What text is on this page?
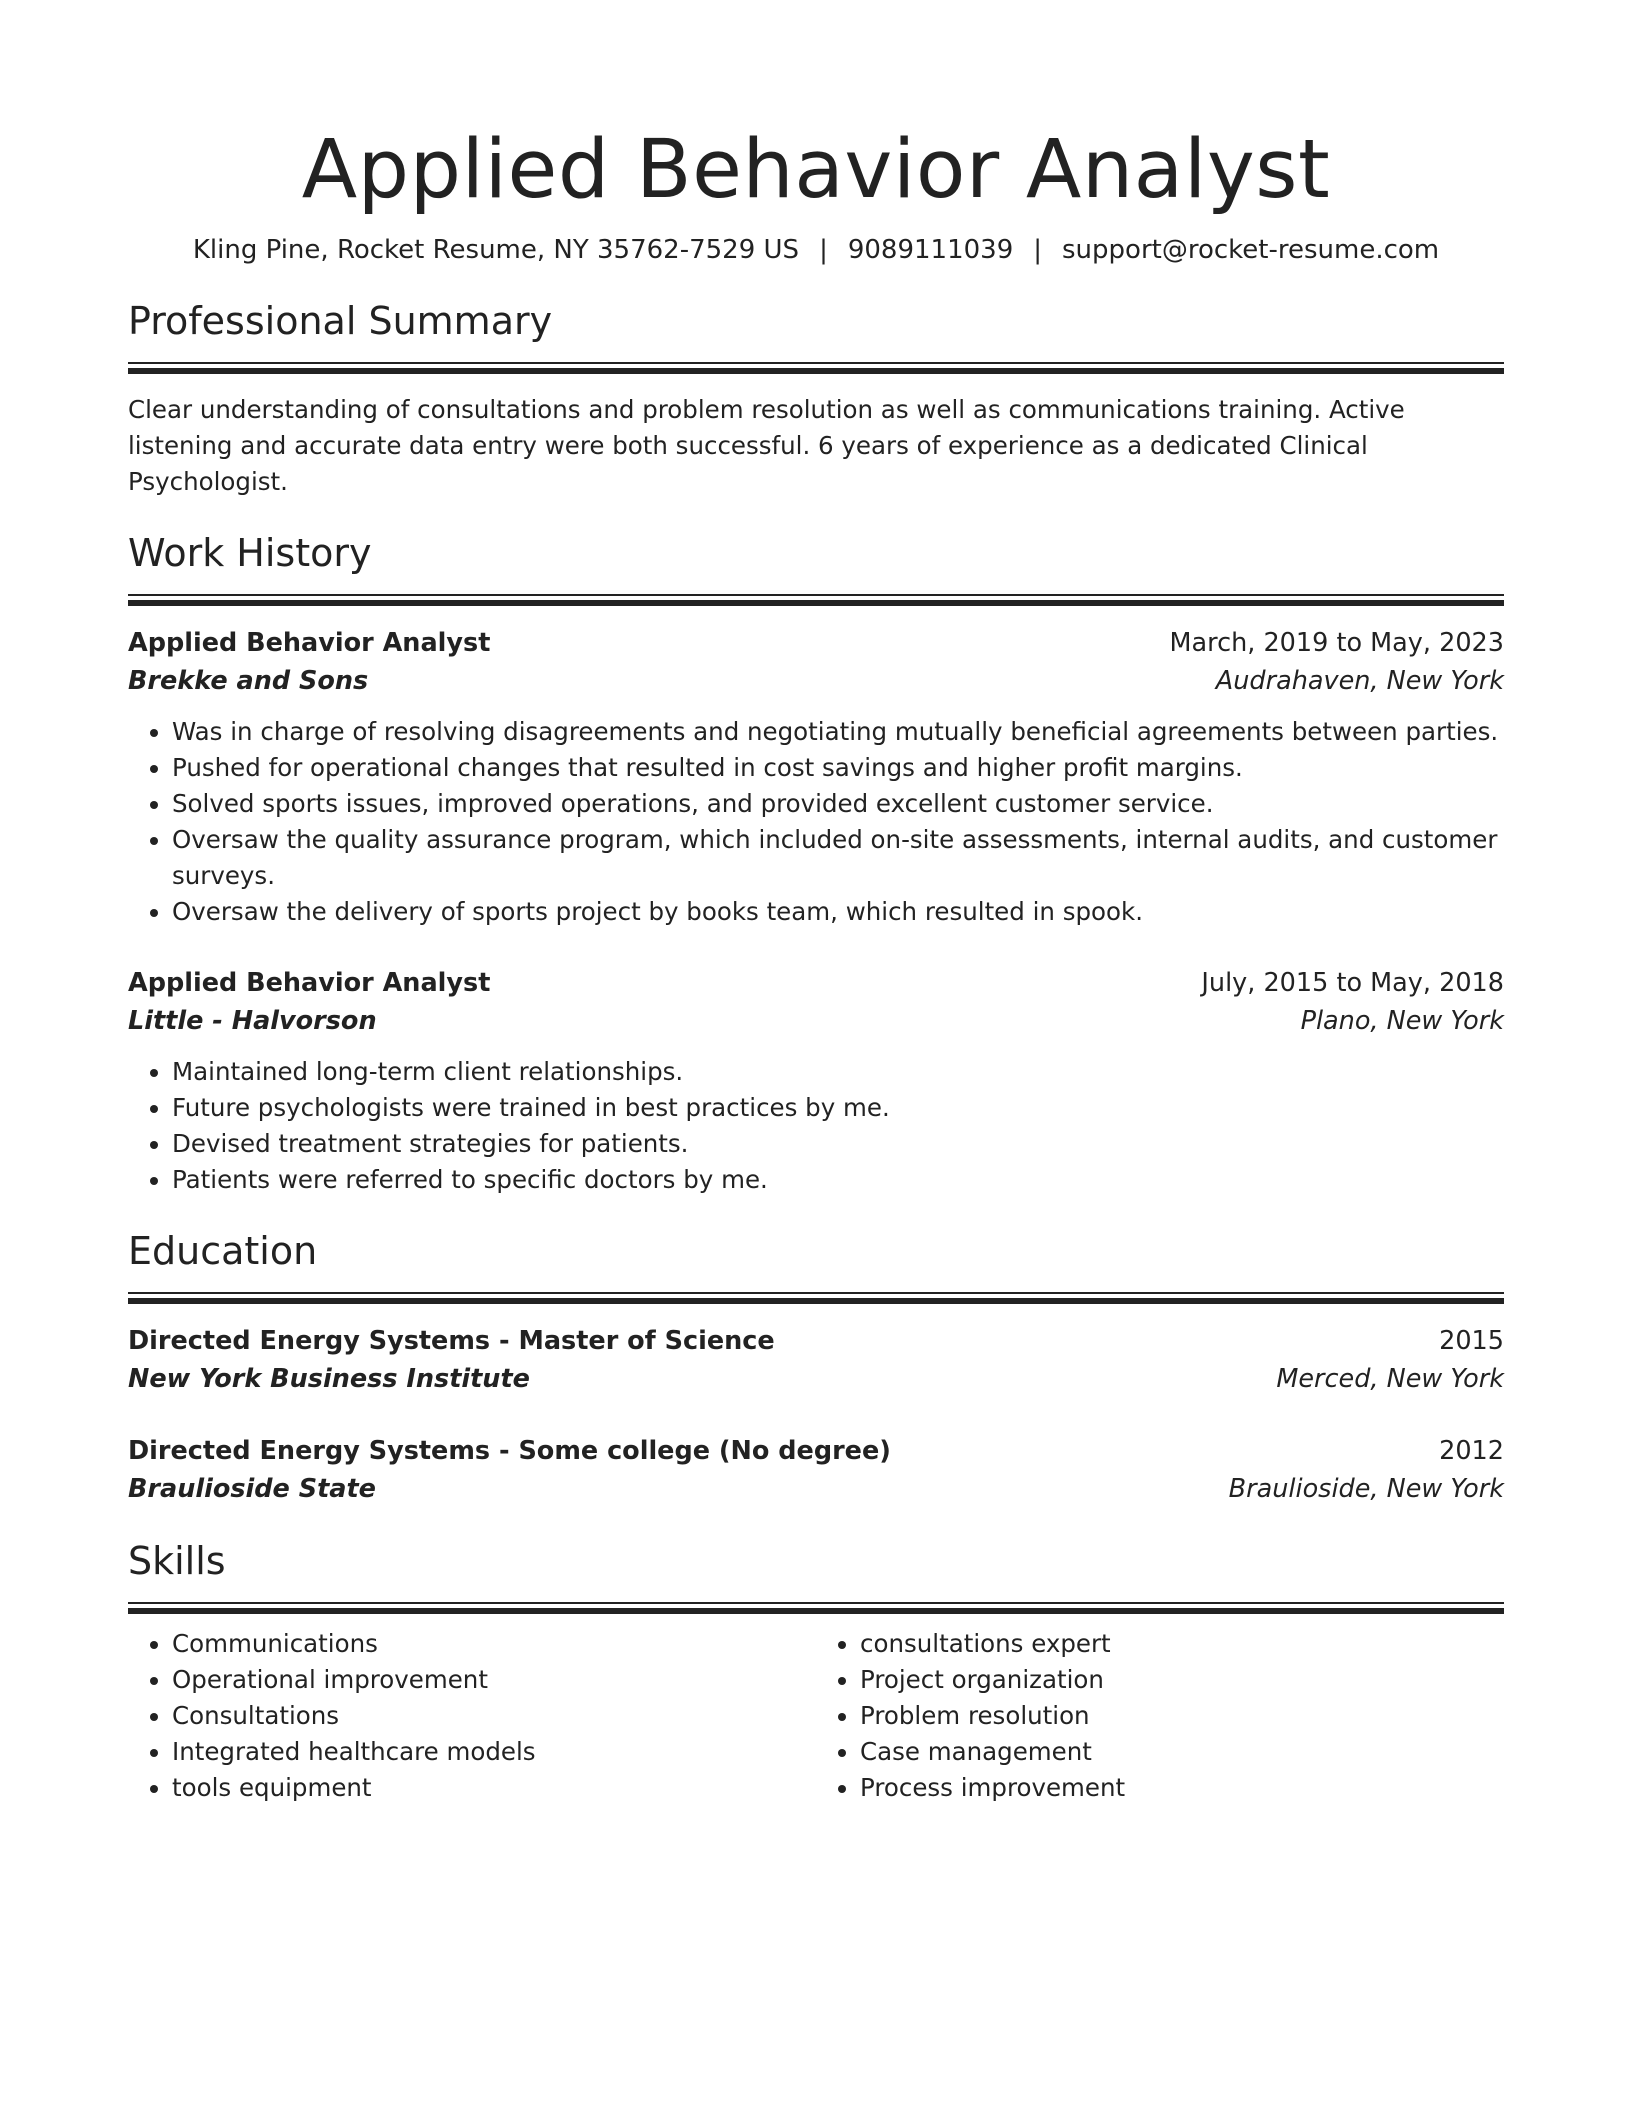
Applied Behavior Analyst
Kling Pine, Rocket Resume, NY 35762-7529 US | 9089111039 | support@rocket-resume.com
Professional Summary

Clear understanding of consultations and problem resolution as well as communications training. Active listening and accurate data entry were both successful. 6 years of experience as a dedicated Clinical Psychologist.

Work History
Applied Behavior Analyst	March, 2019 to May, 2023
Brekke and Sons	Audrahaven, New York
• Was in charge of resolving disagreements and negotiating mutually beneficial agreements between parties.
• Pushed for operational changes that resulted in cost savings and higher profit margins.
• Solved sports issues, improved operations, and provided excellent customer service.
• Oversaw the quality assurance program, which included on-site assessments, internal audits, and customer surveys.
• Oversaw the delivery of sports project by books team, which resulted in spook.
Applied Behavior Analyst	July, 2015 to May, 2018
Little - Halvorson	Plano, New York
• Maintained long-term client relationships.
• Future psychologists were trained in best practices by me.
• Devised treatment strategies for patients.
• Patients were referred to specific doctors by me.
Education
Directed Energy Systems - Master of Science	2015
New York Business Institute	Merced, New York
Directed Energy Systems - Some college (No degree)	2012
Braulioside State	Braulioside, New York
Skills
• Communications
• Operational improvement
• Consultations
• Integrated healthcare models
• tools equipment
• consultations expert
• Project organization
• Problem resolution
• Case management
• Process improvement
